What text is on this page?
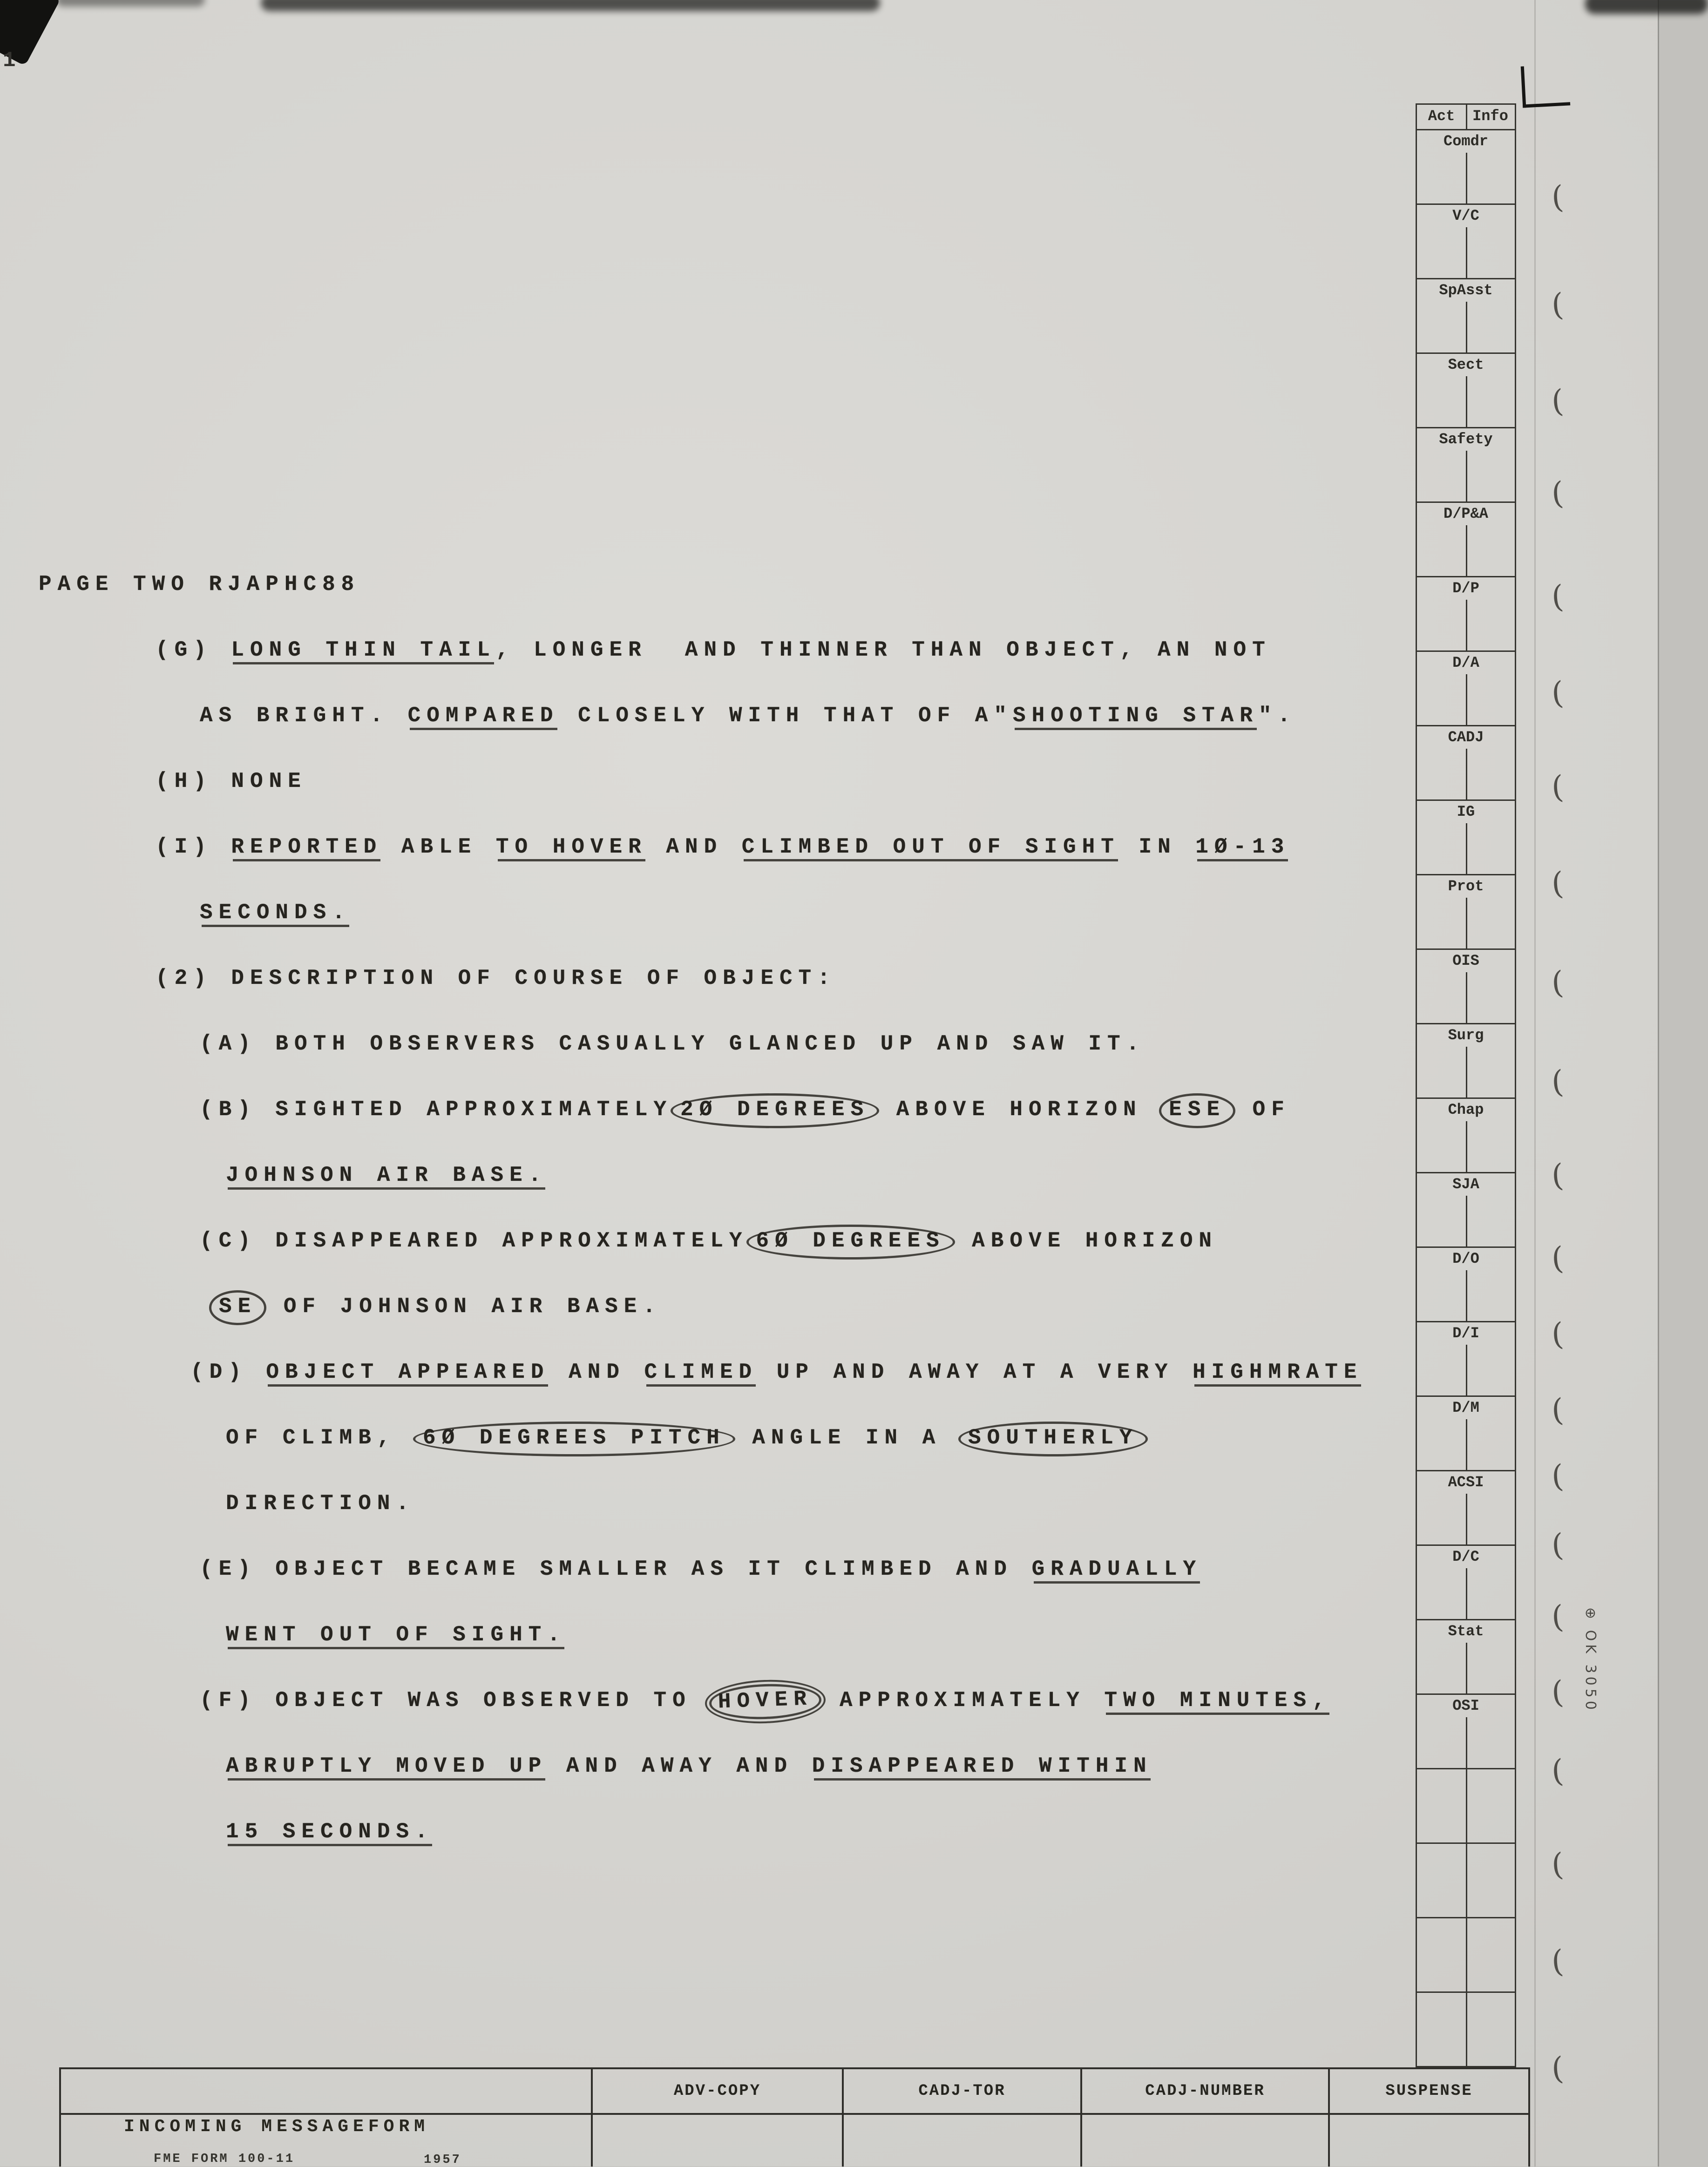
1
PAGE TWO RJAPHC88
(G) LONG THIN TAIL, LONGER  AND THINNER THAN OBJECT, AN NOT
AS BRIGHT. COMPARED CLOSELY WITH THAT OF A"SHOOTING STAR".
(H) NONE
(I) REPORTED ABLE TO HOVER AND CLIMBED OUT OF SIGHT IN 1Ø-13
SECONDS.
(2) DESCRIPTION OF COURSE OF OBJECT:
(A) BOTH OBSERVERS CASUALLY GLANCED UP AND SAW IT.
(B) SIGHTED APPROXIMATELY 2Ø DEGREES ABOVE HORIZON ESE OF
JOHNSON AIR BASE.
(C) DISAPPEARED APPROXIMATELY 6Ø DEGREES ABOVE HORIZON
SE OF JOHNSON AIR BASE.
(D) OBJECT APPEARED AND CLIMED UP AND AWAY AT A VERY HIGHMRATE
OF CLIMB, 6Ø DEGREES PITCH ANGLE IN A SOUTHERLY
DIRECTION.
(E) OBJECT BECAME SMALLER AS IT CLIMBED AND GRADUALLY
WENT OUT OF SIGHT.
(F) OBJECT WAS OBSERVED TO HOVER APPROXIMATELY TWO MINUTES,
ABRUPTLY MOVED UP AND AWAY AND DISAPPEARED WITHIN
15 SECONDS.
Act	Info
Comdr
V/C
SpAsst
Sect
Safety
D/P&A
D/P
D/A
CADJ
IG
Prot
OIS
Surg
Chap
SJA
D/O
D/I
D/M
ACSI
D/C
Stat
OSI
(
(
(
(
(
(
(
(
(
(
(
(
(
(
(
(
(
(
(
(
(
(
⊕ OK 3050
ADV-COPY	CADJ-TOR	CADJ-NUMBER	SUSPENSE
INCOMING MESSAGEFORM
FME FORM 100-11	1957
